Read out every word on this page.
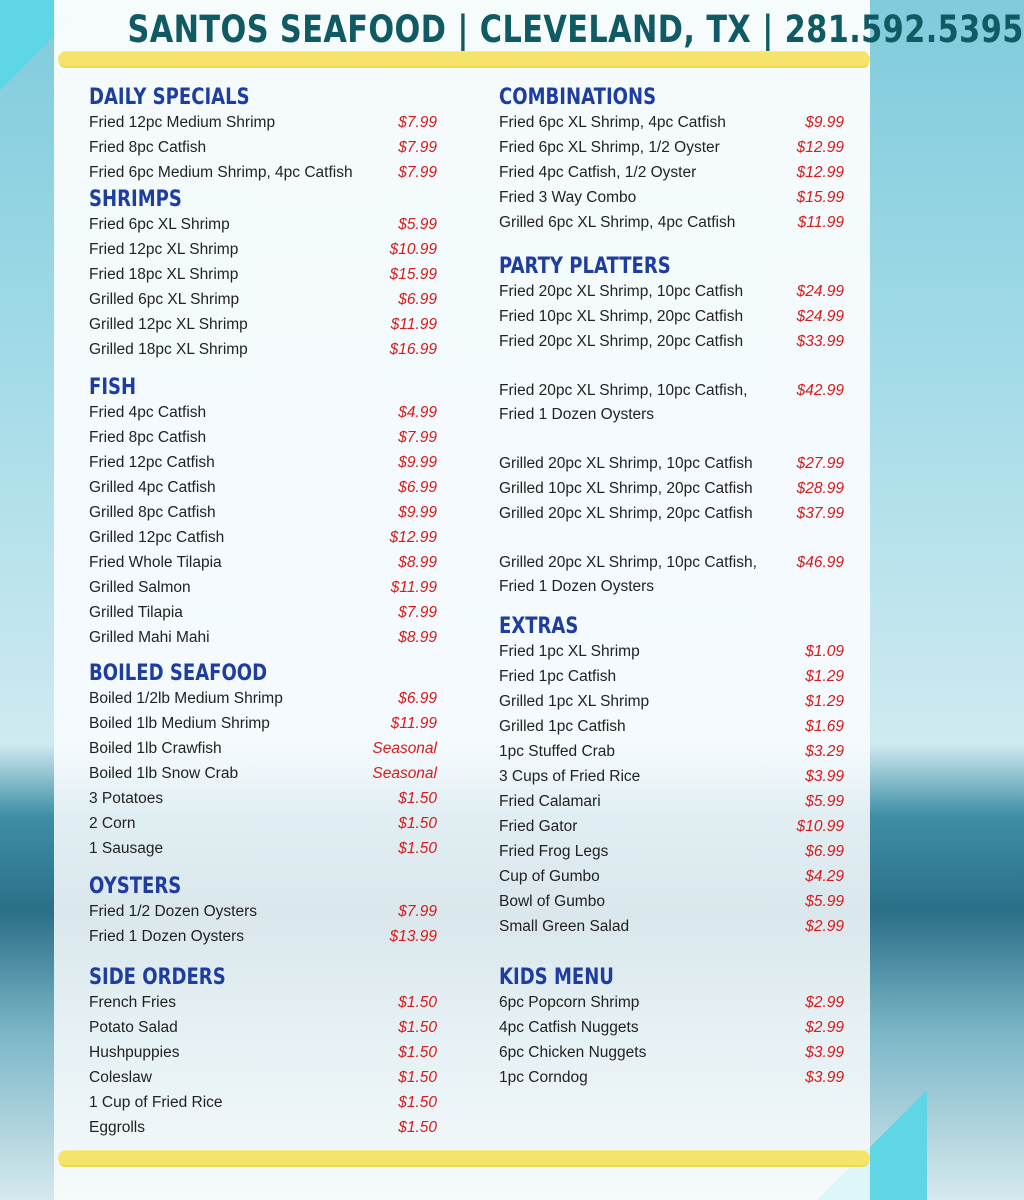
SANTOS SEAFOOD | CLEVELAND, TX | 281.592.5395
DAILY SPECIALS
Fried 12pc Medium Shrimp	$7.99
Fried 8pc Catfish	$7.99
Fried 6pc Medium Shrimp, 4pc Catfish	$7.99
SHRIMPS
Fried 6pc XL Shrimp	$5.99
Fried 12pc XL Shrimp	$10.99
Fried 18pc XL Shrimp	$15.99
Grilled 6pc XL Shrimp	$6.99
Grilled 12pc XL Shrimp	$11.99
Grilled 18pc XL Shrimp	$16.99
FISH
Fried 4pc Catfish	$4.99
Fried 8pc Catfish	$7.99
Fried 12pc Catfish	$9.99
Grilled 4pc Catfish	$6.99
Grilled 8pc Catfish	$9.99
Grilled 12pc Catfish	$12.99
Fried Whole Tilapia	$8.99
Grilled Salmon	$11.99
Grilled Tilapia	$7.99
Grilled Mahi Mahi	$8.99
BOILED SEAFOOD
Boiled 1/2lb Medium Shrimp	$6.99
Boiled 1lb Medium Shrimp	$11.99
Boiled 1lb Crawfish	Seasonal
Boiled 1lb Snow Crab	Seasonal
3 Potatoes	$1.50
2 Corn	$1.50
1 Sausage	$1.50
OYSTERS
Fried 1/2 Dozen Oysters	$7.99
Fried 1 Dozen Oysters	$13.99
SIDE ORDERS
French Fries	$1.50
Potato Salad	$1.50
Hushpuppies	$1.50
Coleslaw	$1.50
1 Cup of Fried Rice	$1.50
Eggrolls	$1.50
COMBINATIONS
Fried 6pc XL Shrimp, 4pc Catfish	$9.99
Fried 6pc XL Shrimp, 1/2 Oyster	$12.99
Fried 4pc Catfish, 1/2 Oyster	$12.99
Fried 3 Way Combo	$15.99
Grilled 6pc XL Shrimp, 4pc Catfish	$11.99
PARTY PLATTERS
Fried 20pc XL Shrimp, 10pc Catfish	$24.99
Fried 10pc XL Shrimp, 20pc Catfish	$24.99
Fried 20pc XL Shrimp, 20pc Catfish	$33.99
Fried 20pc XL Shrimp, 10pc Catfish,	$42.99
Fried 1 Dozen Oysters
Grilled 20pc XL Shrimp, 10pc Catfish	$27.99
Grilled 10pc XL Shrimp, 20pc Catfish	$28.99
Grilled 20pc XL Shrimp, 20pc Catfish	$37.99
Grilled 20pc XL Shrimp, 10pc Catfish,	$46.99
Fried 1 Dozen Oysters
EXTRAS
Fried 1pc XL Shrimp	$1.09
Fried 1pc Catfish	$1.29
Grilled 1pc XL Shrimp	$1.29
Grilled 1pc Catfish	$1.69
1pc Stuffed Crab	$3.29
3 Cups of Fried Rice	$3.99
Fried Calamari	$5.99
Fried Gator	$10.99
Fried Frog Legs	$6.99
Cup of Gumbo	$4.29
Bowl of Gumbo	$5.99
Small Green Salad	$2.99
KIDS MENU
6pc Popcorn Shrimp	$2.99
4pc Catfish Nuggets	$2.99
6pc Chicken Nuggets	$3.99
1pc Corndog	$3.99
